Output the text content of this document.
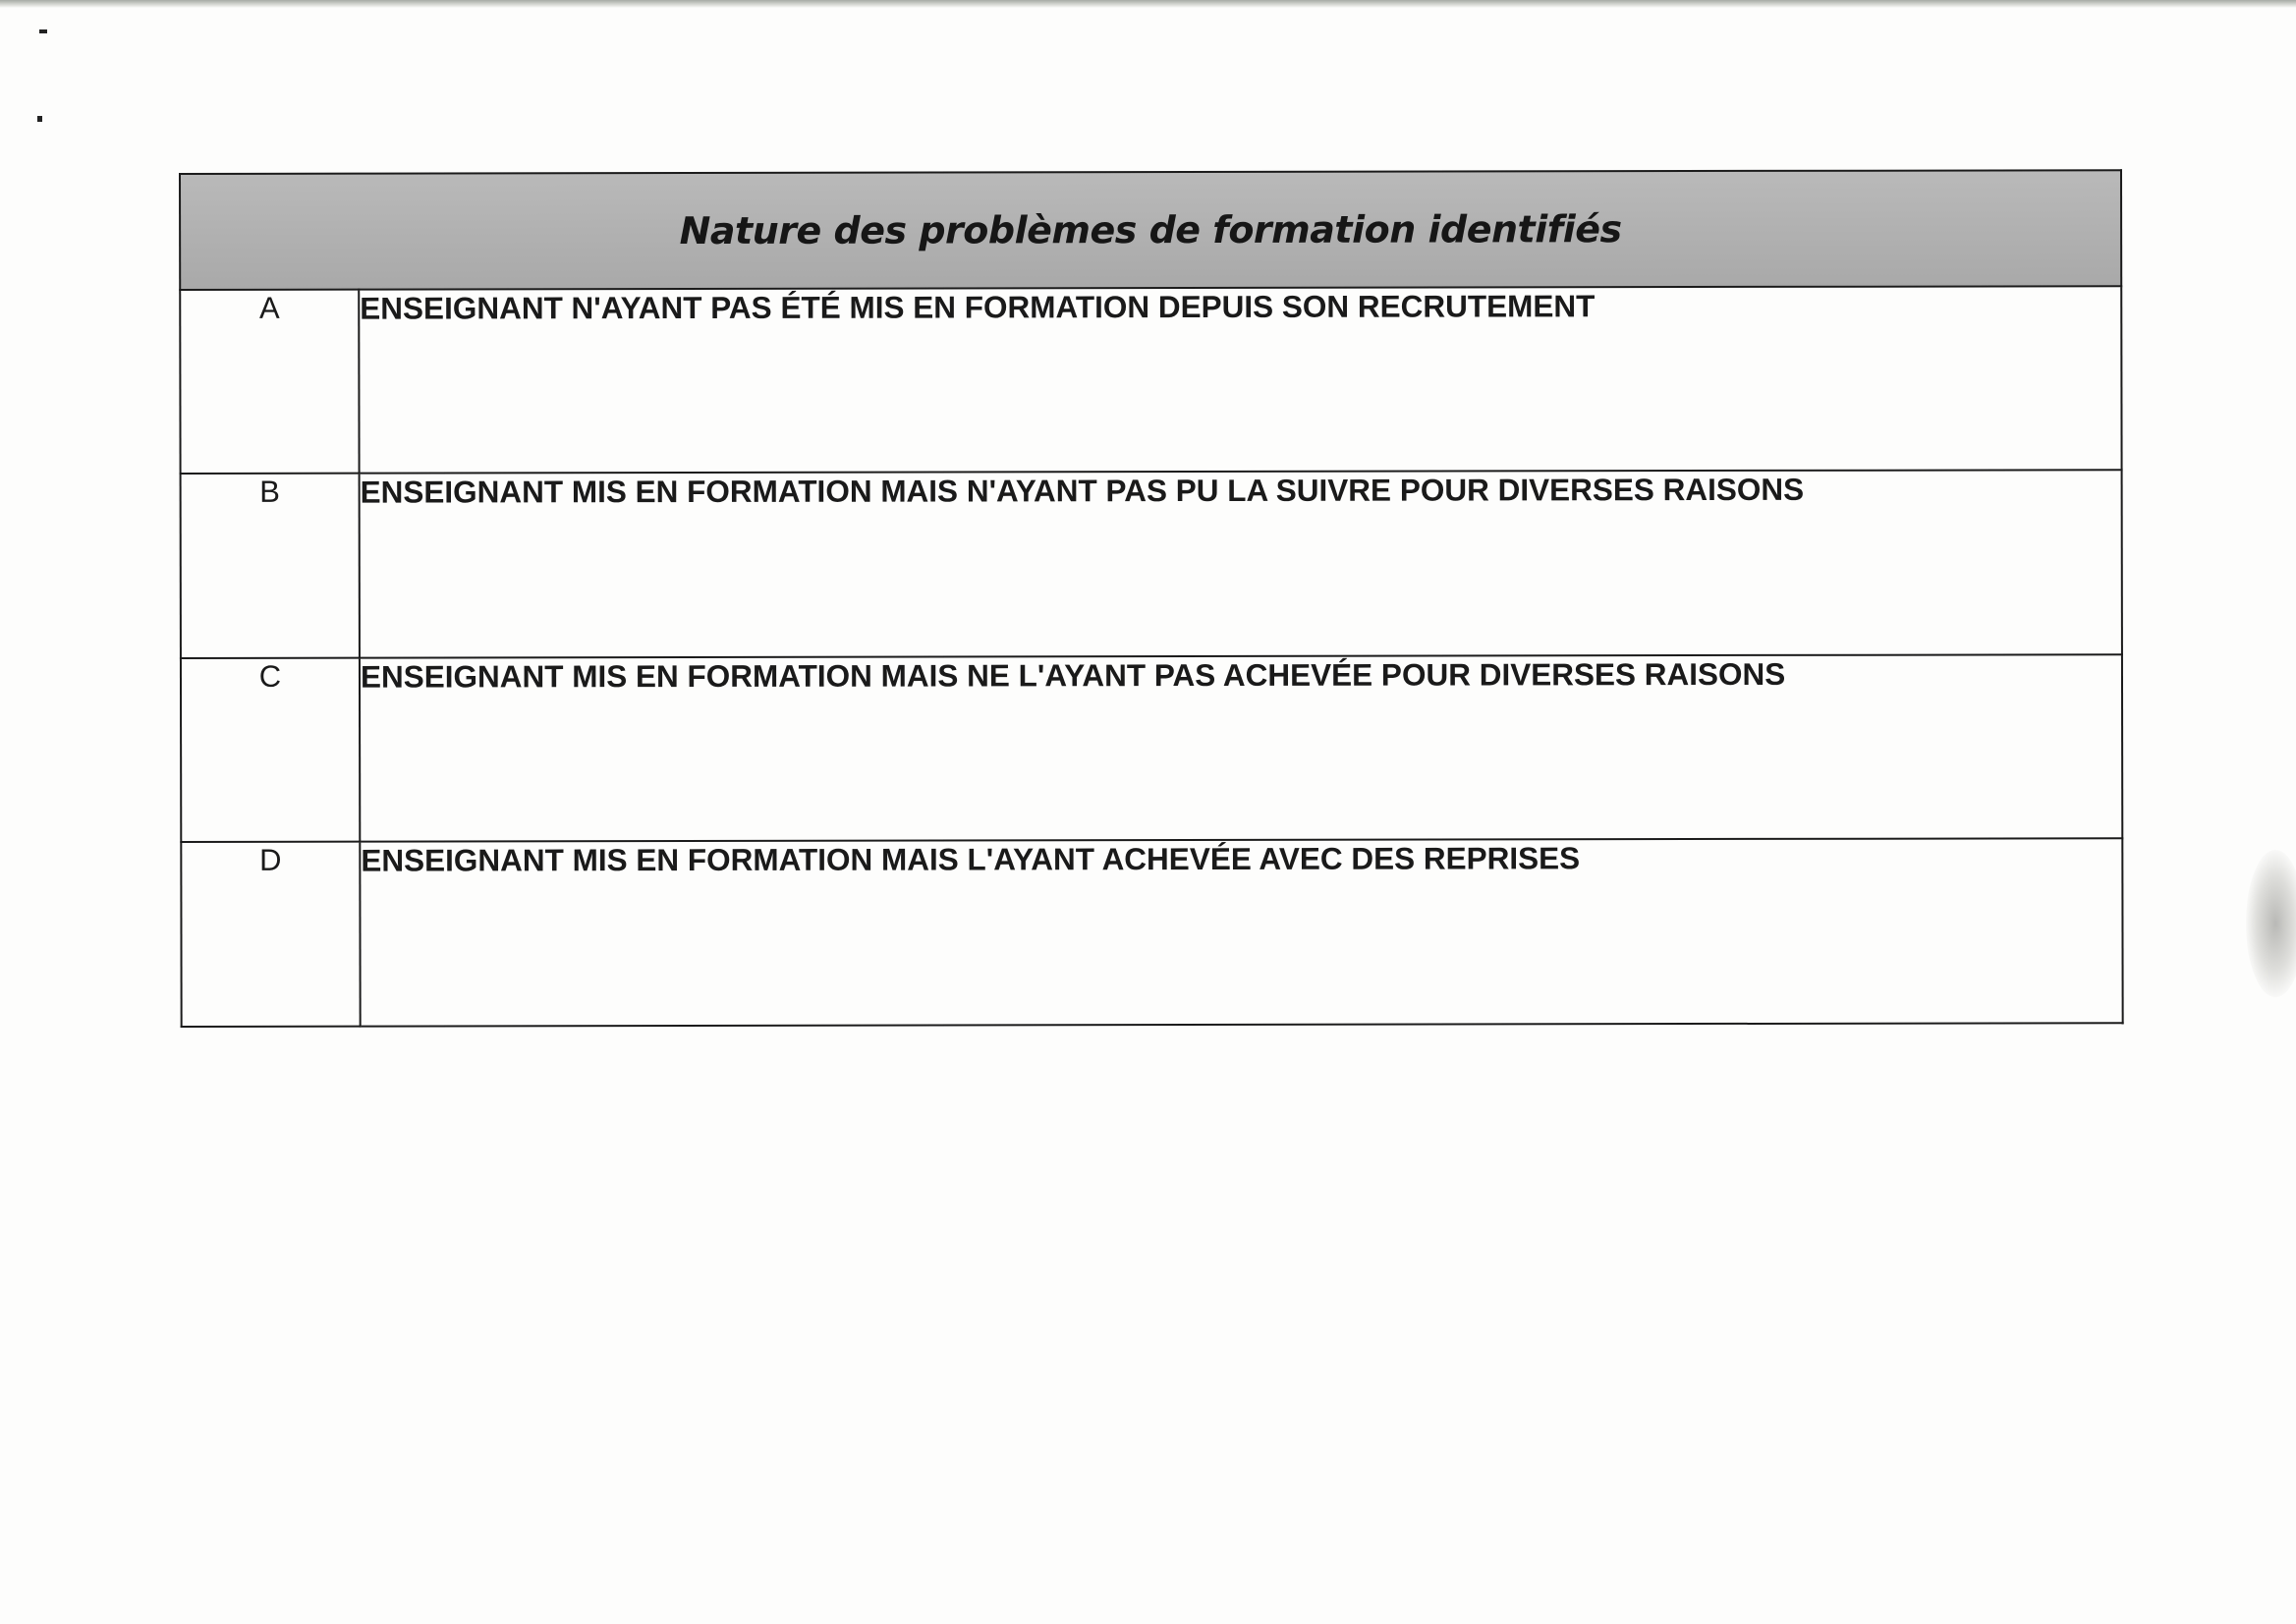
Nature des problèmes de formation identifiés	
A	ENSEIGNANT N'AYANT PAS ÉTÉ MIS EN FORMATION DEPUIS SON RECRUTEMENT
B	ENSEIGNANT MIS EN FORMATION MAIS N'AYANT PAS PU LA SUIVRE POUR DIVERSES RAISONS
C	ENSEIGNANT MIS EN FORMATION MAIS NE L'AYANT PAS ACHEVÉE POUR DIVERSES RAISONS
D	ENSEIGNANT MIS EN FORMATION MAIS L'AYANT ACHEVÉE AVEC DES REPRISES
